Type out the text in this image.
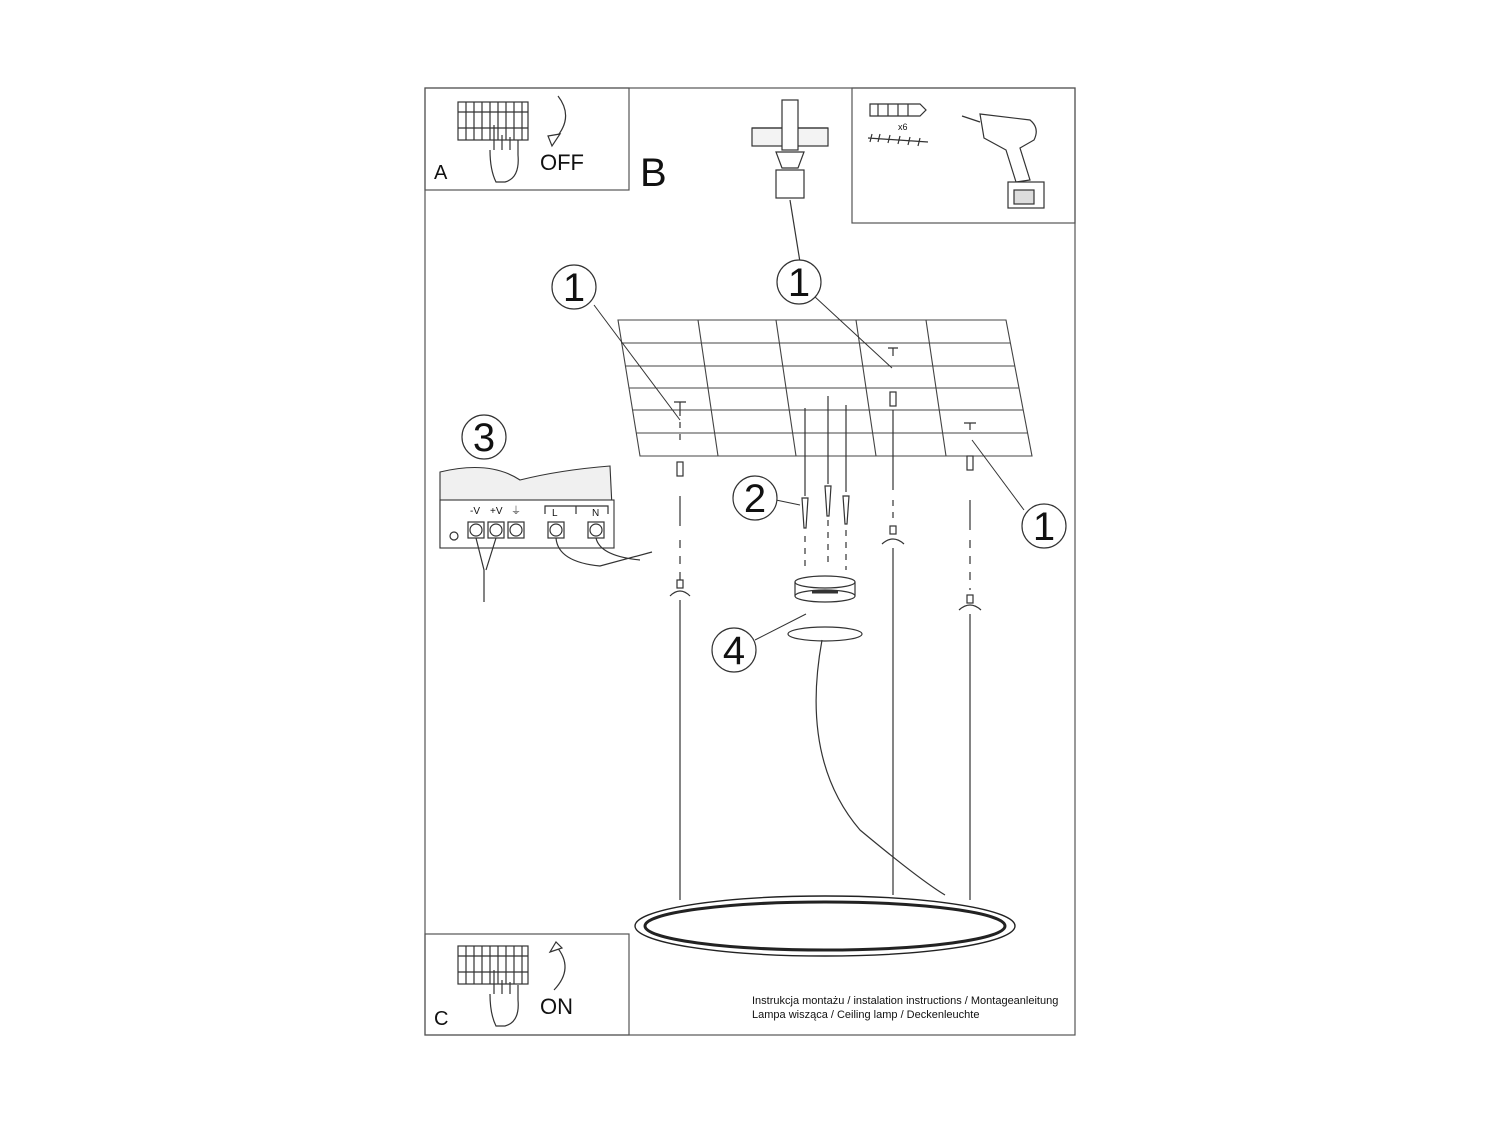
A	OFF B
x6
-V +V ⏚	L	N
1	1
1
2
3
4
C	ON	Instrukcja montażu / instalation instructions / Montageanleitung
Lampa wisząca / Ceiling lamp / Deckenleuchte
